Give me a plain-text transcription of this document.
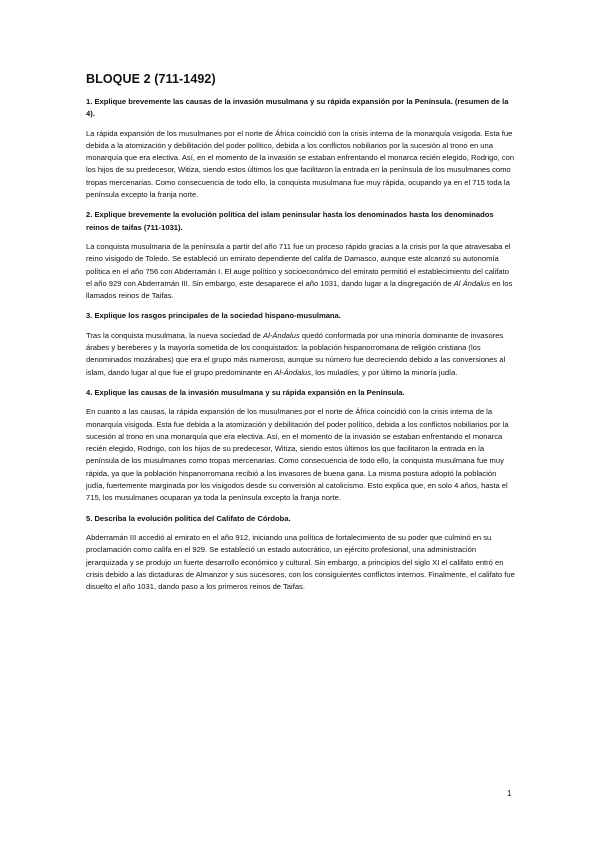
BLOQUE 2 (711-1492)

1. Explique brevemente las causas de la invasión musulmana y su rápida expansión por la Península. (resumen de la 4).

La rápida expansión de los musulmanes por el norte de África coincidió con la crisis interna de la monarquía visigoda. Esta fue debida a la atomización y debilitación del poder político, debida a los conflictos nobiliarios por la sucesión al trono en una monarquía que era electiva. Así, en el momento de la invasión se estaban enfrentando el monarca recién elegido, Rodrigo, con los hijos de su predecesor, Witiza, siendo estos últimos los que facilitaron la entrada en la península de los musulmanes como tropas mercenarias. Como consecuencia de todo ello, la conquista musulmana fue muy rápida, ocupando ya en el 715 toda la península excepto la franja norte.

2. Explique brevemente la evolución política del islam peninsular hasta los denominados hasta los denominados reinos de taifas (711-1031).

La conquista musulmana de la península a partir del año 711 fue un proceso rápido gracias a la crisis por la que atravesaba el reino visigodo de Toledo. Se estableció un emirato dependiente del califa de Damasco, aunque este alcanzó su autonomía política en el año 756 con Abderramán I. El auge político y socioeconómico del emirato permitió el establecimiento del califato el año 929 con Abderramán III. Sin embargo, este desaparece el año 1031, dando lugar a la disgregación de Al Ándalus en los llamados reinos de Taifas.

3. Explique los rasgos principales de la sociedad hispano-musulmana.

Tras la conquista musulmana, la nueva sociedad de Al-Ándalus quedó conformada por una minoría dominante de invasores árabes y bereberes y la mayoría sometida de los conquistados: la población hispanorromana de religión cristiana (los denominados mozárabes) que era el grupo más numeroso, aunque su número fue decreciendo debido a las conversiones al islam, dando lugar al que fue el grupo predominante en Al-Ándalus, los muladíes, y por último la minoría judía.

4. Explique las causas de la invasión musulmana y su rápida expansión en la Península.

En cuanto a las causas, la rápida expansión de los musulmanes por el norte de África coincidió con la crisis interna de la monarquía visigoda. Esta fue debida a la atomización y debilitación del poder político, debida a los conflictos nobiliarios por la sucesión al trono en una monarquía que era electiva. Así, en el momento de la invasión se estaban enfrentando el monarca recién elegido, Rodrigo, con los hijos de su predecesor, Witiza, siendo estos últimos los que facilitaron la entrada en la península de los musulmanes como tropas mercenarias. Como consecuencia de todo ello, la conquista musulmana fue muy rápida, ya que la población hispanorromana recibió a los invasores de buena gana. La misma postura adoptó la población judía, fuertemente marginada por los visigodos desde su conversión al catolicismo. Esto explica que, en solo 4 años, hasta el 715, los musulmanes ocuparan ya toda la península excepto la franja norte.

5. Describa la evolución política del Califato de Córdoba.

Abderramán III accedió al emirato en el año 912, iniciando una política de fortalecimiento de su poder que culminó en su proclamación como califa en el 929. Se estableció un estado autocrático, un ejército profesional, una administración jerarquizada y se produjo un fuerte desarrollo económico y cultural. Sin embargo, a principios del siglo XI el califato entró en crisis debido a las dictaduras de Almanzor y sus sucesores, con los consiguientes conflictos internos. Finalmente, el califato fue disuelto el año 1031, dando paso a los primeros reinos de Taifas.

1
